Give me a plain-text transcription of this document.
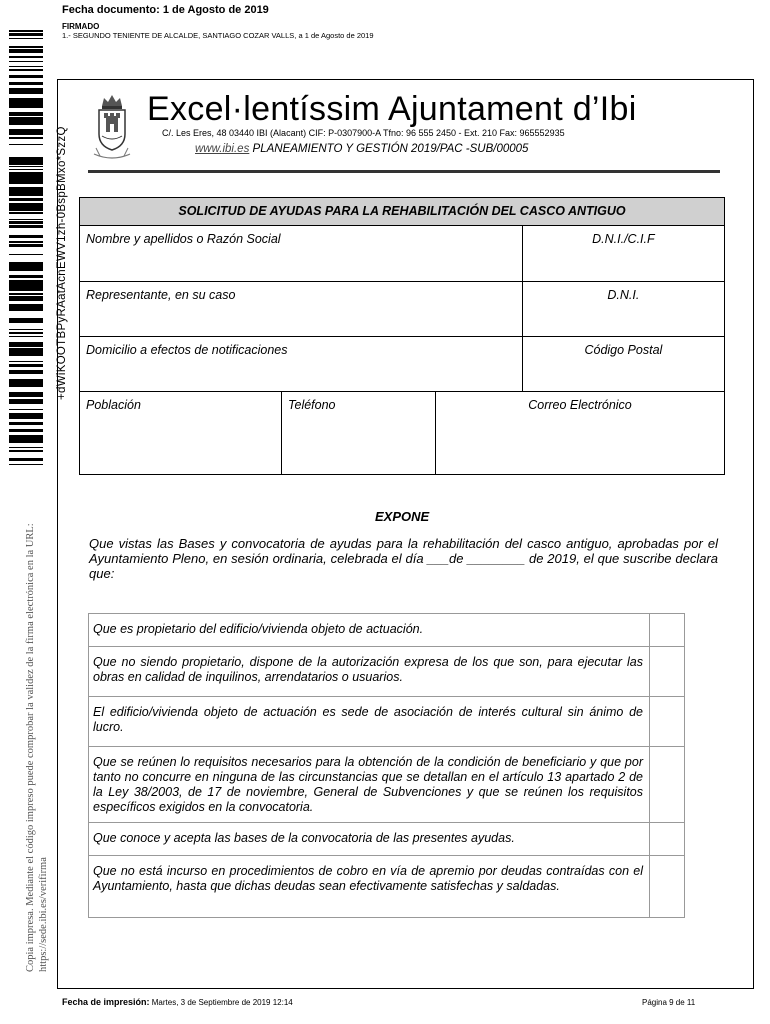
Fecha documento: 1 de Agosto de 2019
FIRMADO
1.- SEGUNDO TENIENTE DE ALCALDE, SANTIAGO COZAR VALLS, a 1 de Agosto de 2019
+dWiKOOTBPyRAatAcnEWV1zh-0BspBMxo*SzzQ
Copia impresa. Mediante el código impreso puede comprobar la validez de la firma electrónica en la URL: https://sede.ibi.es/verifirma
Excel·lentíssim Ajuntament d’Ibi
C/. Les Eres, 48 03440 IBI (Alacant) CIF: P-0307900-A Tfno: 96 555 2450 - Ext. 210 Fax: 965552935
www.ibi.es PLANEAMIENTO Y GESTIÓN 2019/PAC -SUB/00005
SOLICITUD DE AYUDAS PARA LA REHABILITACIÓN DEL CASCO ANTIGUO			
Nombre y apellidos o Razón Social			D.N.I./C.I.F
Representante, en su caso			D.N.I.
Domicilio a efectos de notificaciones			Código Postal
Población	Teléfono	Correo Electrónico	
EXPONE
Que vistas las Bases y convocatoria de ayudas para la rehabilitación del casco antiguo, aprobadas por el Ayuntamiento Pleno, en sesión ordinaria, celebrada el día ___de ________ de 2019, el que suscribe declara que:
Que es propietario del edificio/vivienda objeto de actuación.	
Que no siendo propietario, dispone de la autorización expresa de los que son, para ejecutar las obras en calidad de inquilinos, arrendatarios o usuarios.	
El edificio/vivienda objeto de actuación es sede de asociación de interés cultural sin ánimo de lucro.	
Que se reúnen lo requisitos necesarios para la obtención de la condición de beneficiario y que por tanto no concurre en ninguna de las circunstancias que se detallan en el artículo 13 apartado 2 de la Ley 38/2003, de 17 de noviembre, General de Subvenciones y que se reúnen los requisitos específicos exigidos en la convocatoria.	
Que conoce y acepta las bases de la convocatoria de las presentes ayudas.	
Que no está incurso en procedimientos de cobro en vía de apremio por deudas contraídas con el Ayuntamiento, hasta que dichas deudas sean efectivamente satisfechas y saldadas.	
Fecha de impresión: Martes, 3 de Septiembre de 2019 12:14	Página 9 de 11
